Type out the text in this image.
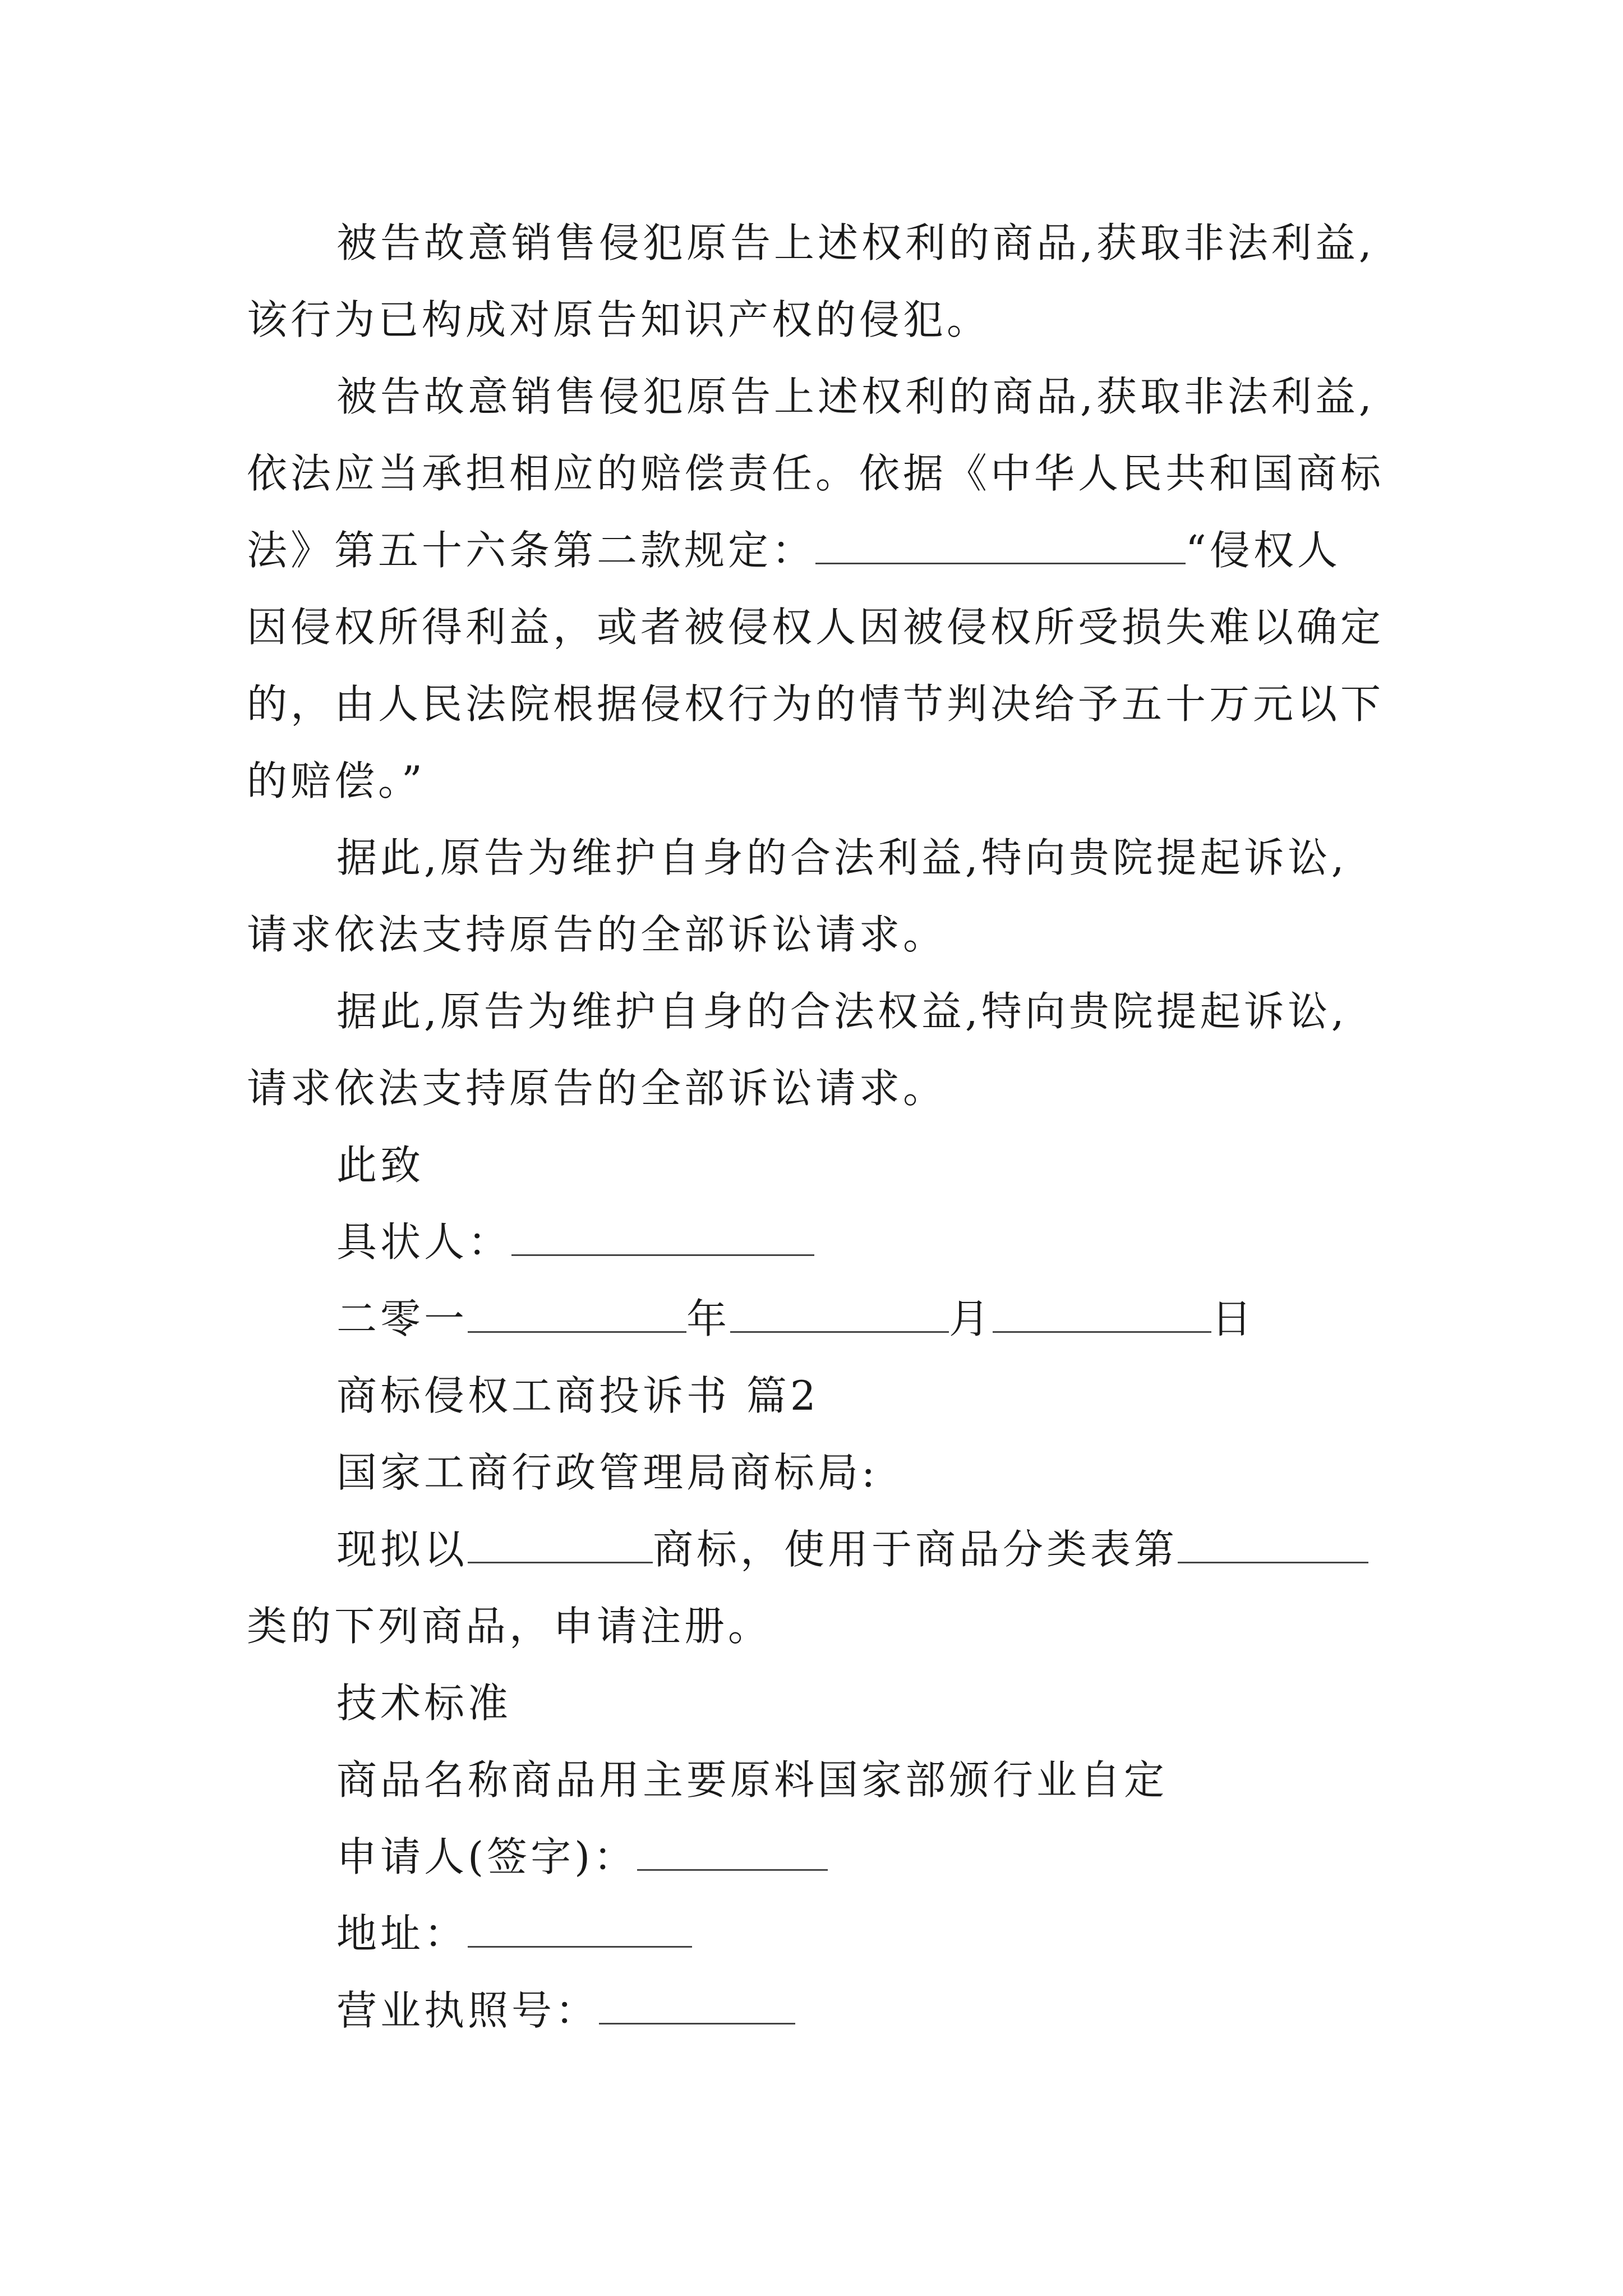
被告故意销售侵犯原告上述权利的商品,获取非法利益,
该行为已构成对原告知识产权的侵犯。
被告故意销售侵犯原告上述权利的商品,获取非法利益,
依法应当承担相应的赔偿责任。依据《中华人民共和国商标
法》第五十六条第二款规定：	“侵权人
因侵权所得利益，或者被侵权人因被侵权所受损失难以确定
的，由人民法院根据侵权行为的情节判决给予五十万元以下
的赔偿。”
据此,原告为维护自身的合法利益,特向贵院提起诉讼,
请求依法支持原告的全部诉讼请求。
据此,原告为维护自身的合法权益,特向贵院提起诉讼,
请求依法支持原告的全部诉讼请求。
此致
具状人：
二零一	年	月	日
商标侵权工商投诉书 篇2
国家工商行政管理局商标局:
现拟以	商标，使用于商品分类表第
类的下列商品，申请注册。
技术标准
商品名称商品用主要原料国家部颁行业自定
申请人(签字)：
地址：
营业执照号：
